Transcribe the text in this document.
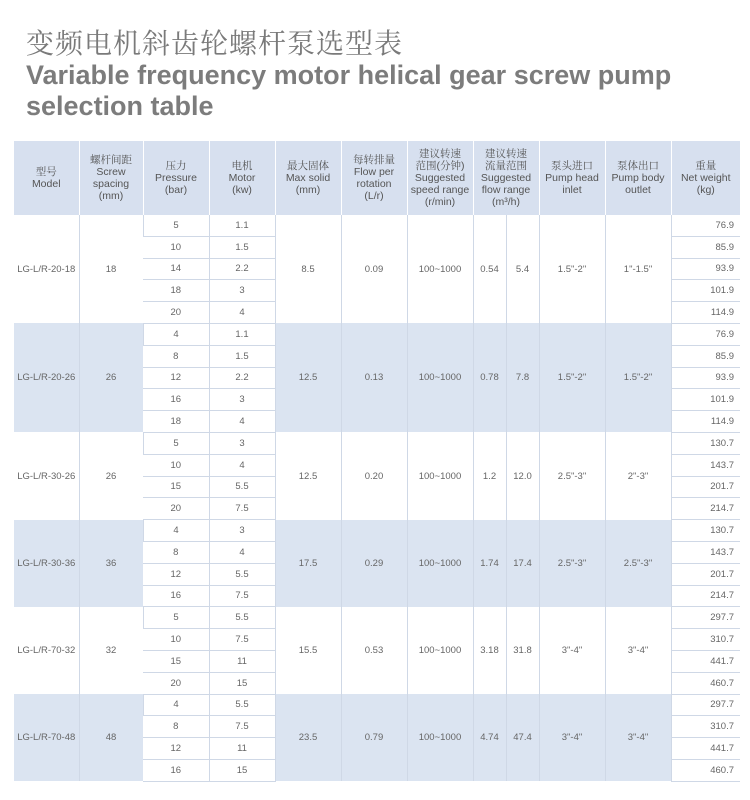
变频电机斜齿轮螺杆泵选型表
Variable frequency motor helical gear screw pump selection table
型号
Model	螺杆间距
Screw
spacing
(mm)	压力
Pressure
(bar)	电机
Motor
(kw)	最大固体
Max solid
(mm)	每转排量
Flow per
rotation
(L/r)	建议转速
范围(分钟)
Suggested
speed range
(r/min)	建议转速
流量范围
Suggested
flow range
(m³/h)		泵头进口
Pump head
inlet	泵体出口
Pump body
outlet	重量
Net weight
(kg)
LG-L/R-20-18	18	5	1.1	8.5	0.09	100~1000	0.54	5.4	1.5"-2"	1"-1.5"	76.9
		10	1.5								85.9
		14	2.2								93.9
		18	3								101.9
		20	4								114.9
LG-L/R-20-26	26	4	1.1	12.5	0.13	100~1000	0.78	7.8	1.5"-2"	1.5"-2"	76.9
		8	1.5								85.9
		12	2.2								93.9
		16	3								101.9
		18	4								114.9
LG-L/R-30-26	26	5	3	12.5	0.20	100~1000	1.2	12.0	2.5"-3"	2"-3"	130.7
		10	4								143.7
		15	5.5								201.7
		20	7.5								214.7
LG-L/R-30-36	36	4	3	17.5	0.29	100~1000	1.74	17.4	2.5"-3"	2.5"-3"	130.7
		8	4								143.7
		12	5.5								201.7
		16	7.5								214.7
LG-L/R-70-32	32	5	5.5	15.5	0.53	100~1000	3.18	31.8	3"-4"	3"-4"	297.7
		10	7.5								310.7
		15	11								441.7
		20	15								460.7
LG-L/R-70-48	48	4	5.5	23.5	0.79	100~1000	4.74	47.4	3"-4"	3"-4"	297.7
		8	7.5								310.7
		12	11								441.7
		16	15								460.7
